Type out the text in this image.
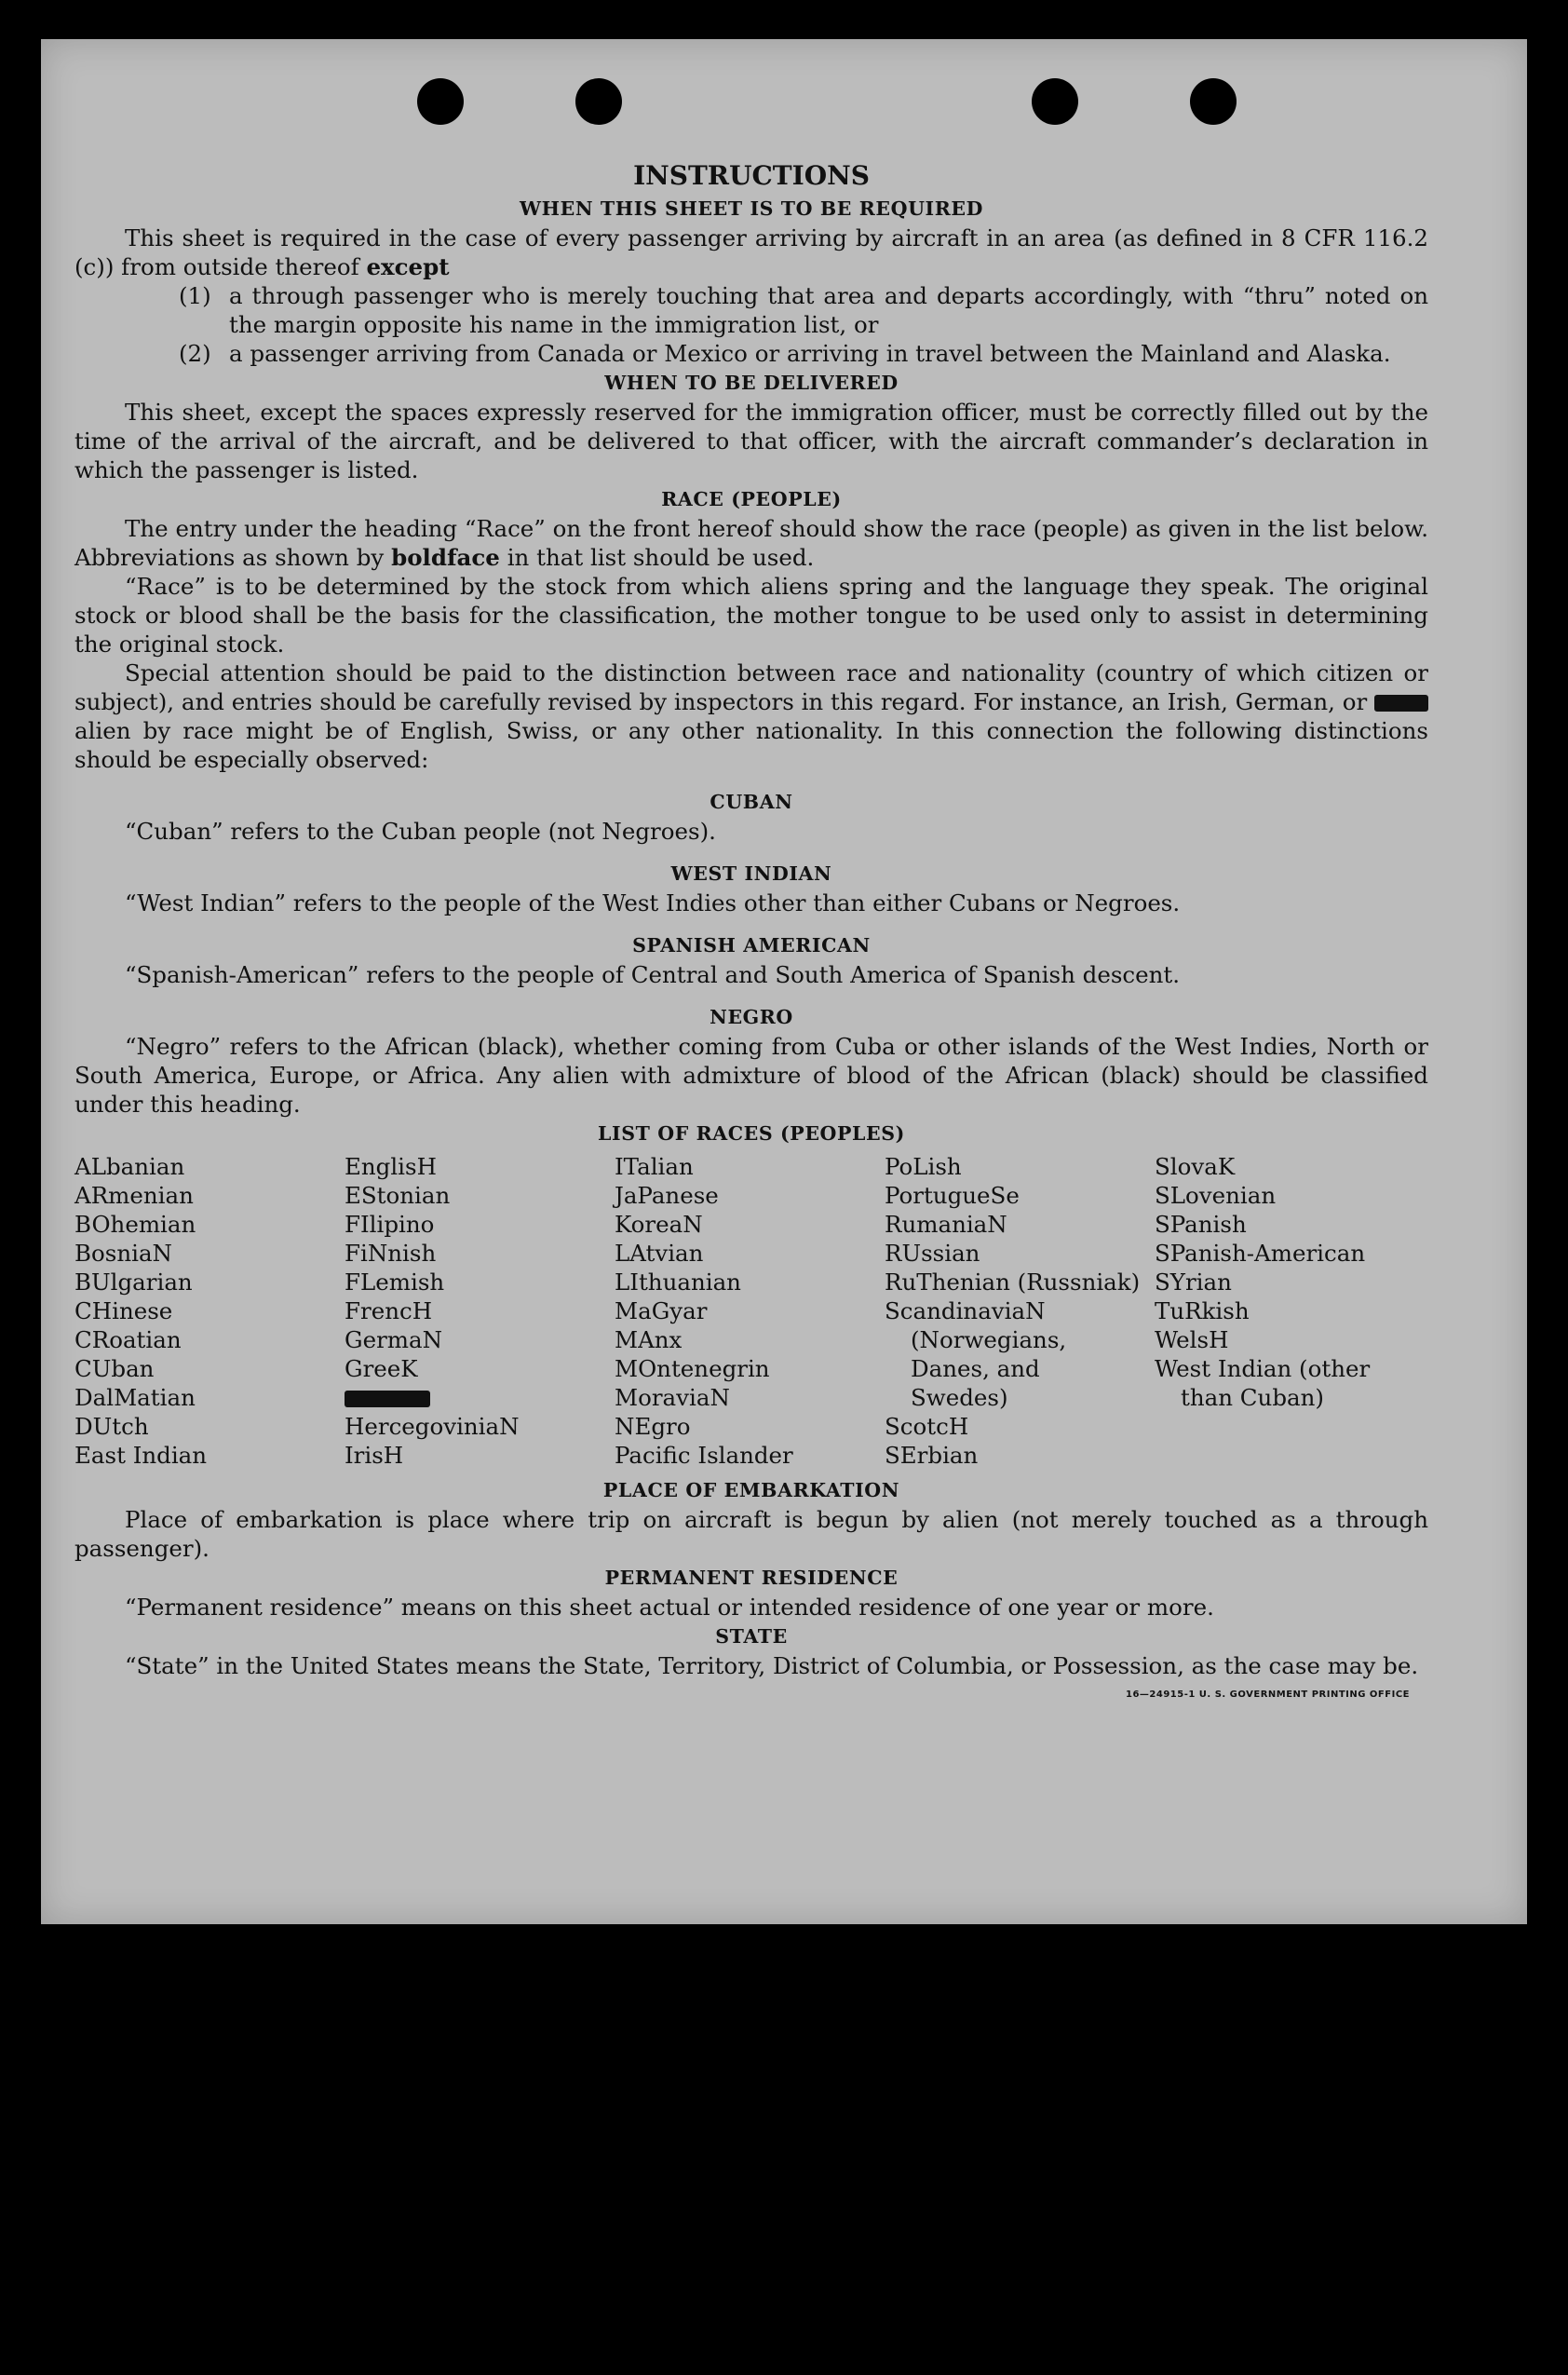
INSTRUCTIONS
WHEN THIS SHEET IS TO BE REQUIRED

This sheet is required in the case of every passenger arriving by aircraft in an area (as defined in 8 CFR 116.2 (c)) from outside thereof except

(1) a through passenger who is merely touching that area and departs accordingly, with “thru” noted on the margin opposite his name in the immigration list, or

(2) a passenger arriving from Canada or Mexico or arriving in travel between the Mainland and Alaska.

WHEN TO BE DELIVERED

This sheet, except the spaces expressly reserved for the immigration officer, must be correctly filled out by the time of the arrival of the aircraft, and be delivered to that officer, with the aircraft commander’s declaration in which the passenger is listed.

RACE (PEOPLE)

The entry under the heading “Race” on the front hereof should show the race (people) as given in the list below. Abbreviations as shown by boldface in that list should be used.

“Race” is to be determined by the stock from which aliens spring and the language they speak. The original stock or blood shall be the basis for the classification, the mother tongue to be used only to assist in determining the original stock.

Special attention should be paid to the distinction between race and nationality (country of which citizen or subject), and entries should be carefully revised by inspectors in this regard. For instance, an Irish, German, or  alien by race might be of English, Swiss, or any other nationality. In this connection the following distinctions should be especially observed:

CUBAN

“Cuban” refers to the Cuban people (not Negroes).

WEST INDIAN

“West Indian” refers to the people of the West Indies other than either Cubans or Negroes.

SPANISH AMERICAN

“Spanish-American” refers to the people of Central and South America of Spanish descent.

NEGRO

“Negro” refers to the African (black), whether coming from Cuba or other islands of the West Indies, North or South America, Europe, or Africa. Any alien with admixture of blood of the African (black) should be classified under this heading.

LIST OF RACES (PEOPLES)
ALbanian
ARmenian
BOhemian
BosniaN
BUlgarian
CHinese
CRoatian
CUban
DalMatian
DUtch
East Indian
EnglisH
EStonian
FIlipino
FiNnish
FLemish
FrencH
GermaN
GreeK
HercegoviniaN
IrisH
ITalian
JaPanese
KoreaN
LAtvian
LIthuanian
MaGyar
MAnx
MOntenegrin
MoraviaN
NEgro
Pacific Islander
PoLish
PortugueSe
RumaniaN
RUssian
RuThenian (Russniak)
ScandinaviaN (Norwegians, Danes, and Swedes)
ScotcH
SErbian
SlovaK
SLovenian
SPanish
SPanish-American
SYrian
TuRkish
WelsH
West Indian (other than Cuban)
PLACE OF EMBARKATION

Place of embarkation is place where trip on aircraft is begun by alien (not merely touched as a through passenger).

PERMANENT RESIDENCE

“Permanent residence” means on this sheet actual or intended residence of one year or more.

STATE

“State” in the United States means the State, Territory, District of Columbia, or Possession, as the case may be.

16—24915-1 U. S. GOVERNMENT PRINTING OFFICE
